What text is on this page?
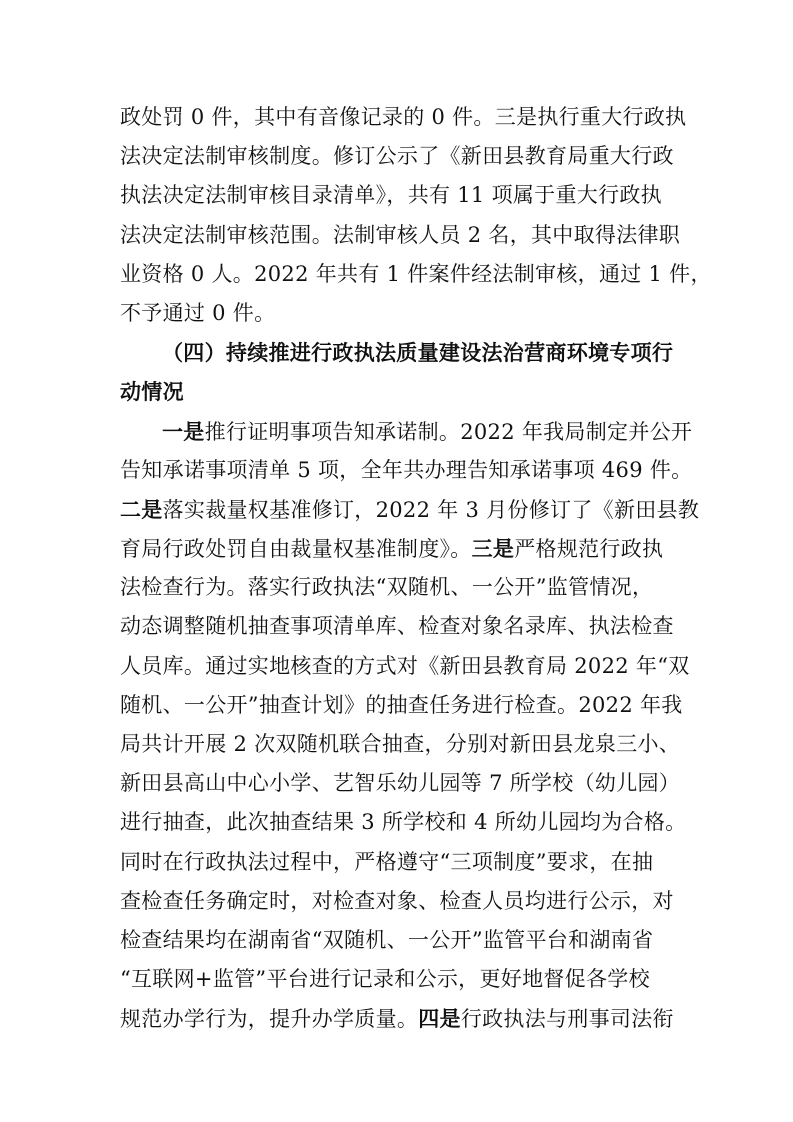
政处罚 0 件，其中有音像记录的 0 件。三是执行重大行政执
法决定法制审核制度。修订公示了《新田县教育局重大行政
执法决定法制审核目录清单》，共有 11 项属于重大行政执
法决定法制审核范围。法制审核人员 2 名，其中取得法律职
业资格 0 人。2022 年共有 1 件案件经法制审核，通过 1 件，
不予通过 0 件。
（四）持续推进行政执法质量建设法治营商环境专项行
动情况
一是推行证明事项告知承诺制。2022 年我局制定并公开
告知承诺事项清单 5 项，全年共办理告知承诺事项 469 件。
二是落实裁量权基准修订，2022 年 3 月份修订了《新田县教
育局行政处罚自由裁量权基准制度》。三是严格规范行政执
法检查行为。落实行政执法“双随机、一公开”监管情况，
动态调整随机抽查事项清单库、检查对象名录库、执法检查
人员库。通过实地核查的方式对《新田县教育局 2022 年“双
随机、一公开”抽查计划》的抽查任务进行检查。2022 年我
局共计开展 2 次双随机联合抽查，分别对新田县龙泉三小、
新田县高山中心小学、艺智乐幼儿园等 7 所学校（幼儿园）
进行抽查，此次抽查结果 3 所学校和 4 所幼儿园均为合格。
同时在行政执法过程中，严格遵守“三项制度”要求，在抽
查检查任务确定时，对检查对象、检查人员均进行公示，对
检查结果均在湖南省“双随机、一公开”监管平台和湖南省
“互联网+监管”平台进行记录和公示，更好地督促各学校
规范办学行为，提升办学质量。四是行政执法与刑事司法衔
